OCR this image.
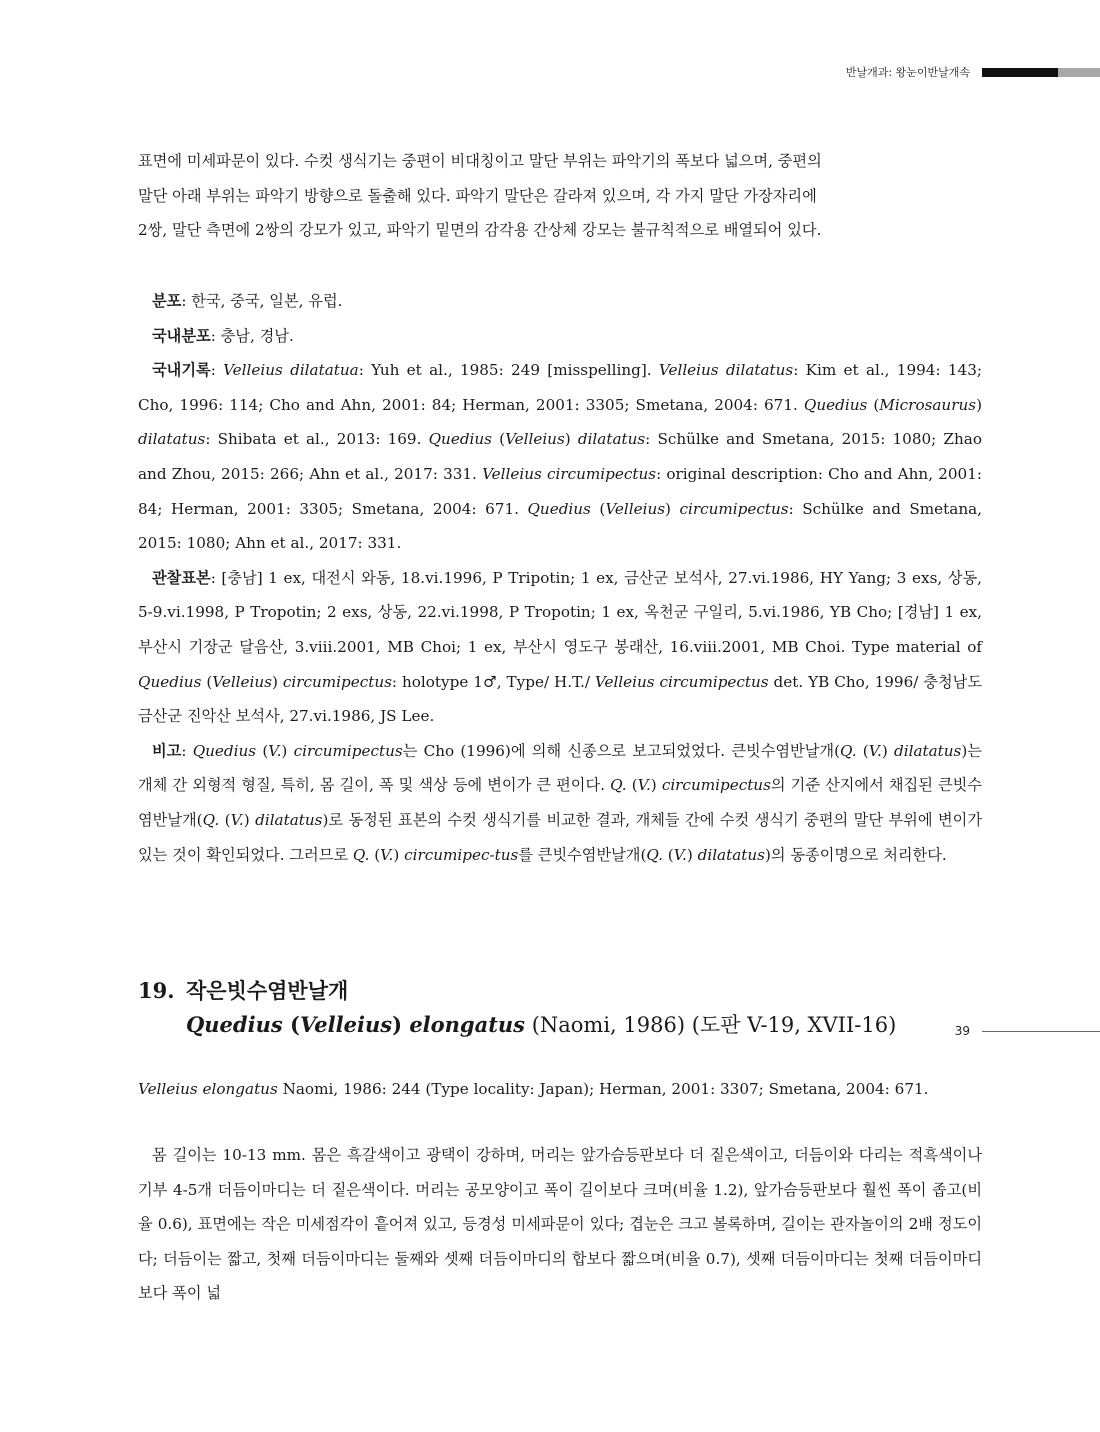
반날개과: 왕눈이반날개속

표면에 미세파문이 있다. 수컷 생식기는 중편이 비대칭이고 말단 부위는 파악기의 폭보다 넓으며, 중편의

말단 아래 부위는 파악기 방향으로 돌출해 있다. 파악기 말단은 갈라져 있으며, 각 가지 말단 가장자리에

2쌍, 말단 측면에 2쌍의 강모가 있고, 파악기 밑면의 감각용 간상체 강모는 불규칙적으로 배열되어 있다.

분포: 한국, 중국, 일본, 유럽.

국내분포: 충남, 경남.

국내기록: Velleius dilatatua: Yuh et al., 1985: 249 [misspelling]. Velleius dilatatus: Kim et al., 1994: 143; Cho, 1996: 114; Cho and Ahn, 2001: 84; Herman, 2001: 3305; Smetana, 2004: 671. Quedius (Microsaurus) dilatatus: Shibata et al., 2013: 169. Quedius (Velleius) dilatatus: Schülke and Smetana, 2015: 1080; Zhao and Zhou, 2015: 266; Ahn et al., 2017: 331. Velleius circumipectus: original description: Cho and Ahn, 2001: 84; Herman, 2001: 3305; Smetana, 2004: 671. Quedius (Velleius) circumipectus: Schülke and Smetana, 2015: 1080; Ahn et al., 2017: 331.

관찰표본: [충남] 1 ex, 대전시 와동, 18.vi.1996, P Tripotin; 1 ex, 금산군 보석사, 27.vi.1986, HY Yang; 3 exs, 상동, 5-9.vi.1998, P Tropotin; 2 exs, 상동, 22.vi.1998, P Tropotin; 1 ex, 옥천군 구일리, 5.vi.1986, YB Cho; [경남] 1 ex, 부산시 기장군 달음산, 3.viii.2001, MB Choi; 1 ex, 부산시 영도구 봉래산, 16.viii.2001, MB Choi. Type material of Quedius (Velleius) circumipectus: holotype 1♂, Type/ H.T./ Velleius circumipectus det. YB Cho, 1996/ 충청남도 금산군 진악산 보석사, 27.vi.1986, JS Lee.

비고: Quedius (V.) circumipectus는 Cho (1996)에 의해 신종으로 보고되었었다. 큰빗수염반날개(Q. (V.) dilatatus)는 개체 간 외형적 형질, 특히, 몸 길이, 폭 및 색상 등에 변이가 큰 편이다. Q. (V.) circumipectus의 기준 산지에서 채집된 큰빗수염반날개(Q. (V.) dilatatus)로 동정된 표본의 수컷 생식기를 비교한 결과, 개체들 간에 수컷 생식기 중편의 말단 부위에 변이가 있는 것이 확인되었다. 그러므로 Q. (V.) circumipec-tus를 큰빗수염반날개(Q. (V.) dilatatus)의 동종이명으로 처리한다.

19. 작은빗수염반날개
Quedius (Velleius) elongatus (Naomi, 1986) (도판 V-19, XVII-16)

Velleius elongatus Naomi, 1986: 244 (Type locality: Japan); Herman, 2001: 3307; Smetana, 2004: 671.

몸 길이는 10-13 mm. 몸은 흑갈색이고 광택이 강하며, 머리는 앞가슴등판보다 더 짙은색이고, 더듬이와 다리는 적흑색이나 기부 4-5개 더듬이마디는 더 짙은색이다. 머리는 공모양이고 폭이 길이보다 크며(비율 1.2), 앞가슴등판보다 훨씬 폭이 좁고(비율 0.6), 표면에는 작은 미세점각이 흩어져 있고, 등경성 미세파문이 있다; 겹눈은 크고 볼록하며, 길이는 관자놀이의 2배 정도이다; 더듬이는 짧고, 첫째 더듬이마디는 둘째와 셋째 더듬이마디의 합보다 짧으며(비율 0.7), 셋째 더듬이마디는 첫째 더듬이마디보다 폭이 넓

39
